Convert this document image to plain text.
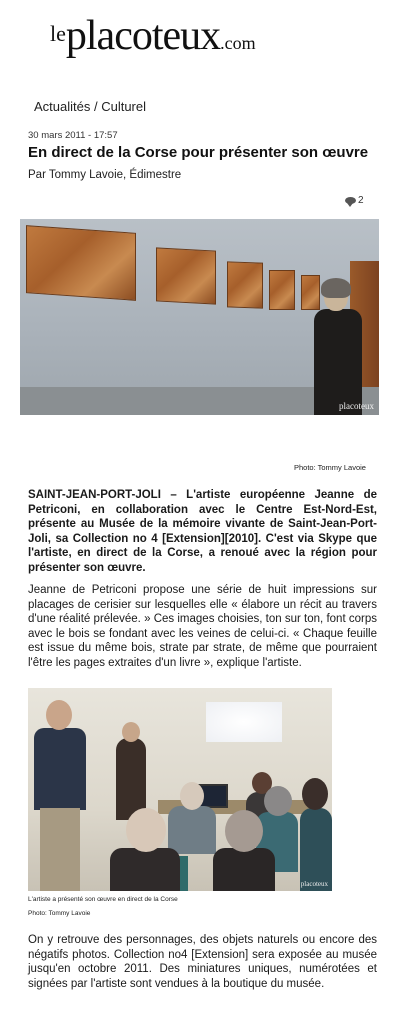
leplacoteux.com
Actualités / Culturel
30 mars 2011 - 17:57
En direct de la Corse pour présenter son œuvre
Par Tommy Lavoie, Édimestre
2
placoteux
Photo: Tommy Lavoie

SAINT-JEAN-PORT-JOLI – L'artiste européenne Jeanne de Petriconi, en collaboration avec le Centre Est-Nord-Est, présente au Musée de la mémoire vivante de Saint-Jean-Port-Joli, sa Collection no 4 [Extension][2010]. C'est via Skype que l'artiste, en direct de la Corse, a renoué avec la région pour présenter son œuvre.

Jeanne de Petriconi propose une série de huit impressions sur placages de cerisier sur lesquelles elle « élabore un récit au travers d'une réalité prélevée. » Ces images choisies, ton sur ton, font corps avec le bois se fondant avec les veines de celui-ci. « Chaque feuille est issue du même bois, strate par strate, de même que pourraient l'être les pages extraites d'un livre », explique l'artiste.

placoteux
L'artiste a présenté son œuvre en direct de la Corse
Photo: Tommy Lavoie

On y retrouve des personnages, des objets naturels ou encore des négatifs photos. Collection no4 [Extension] sera exposée au musée jusqu'en octobre 2011. Des miniatures uniques, numérotées et signées par l'artiste sont vendues à la boutique du musée.
